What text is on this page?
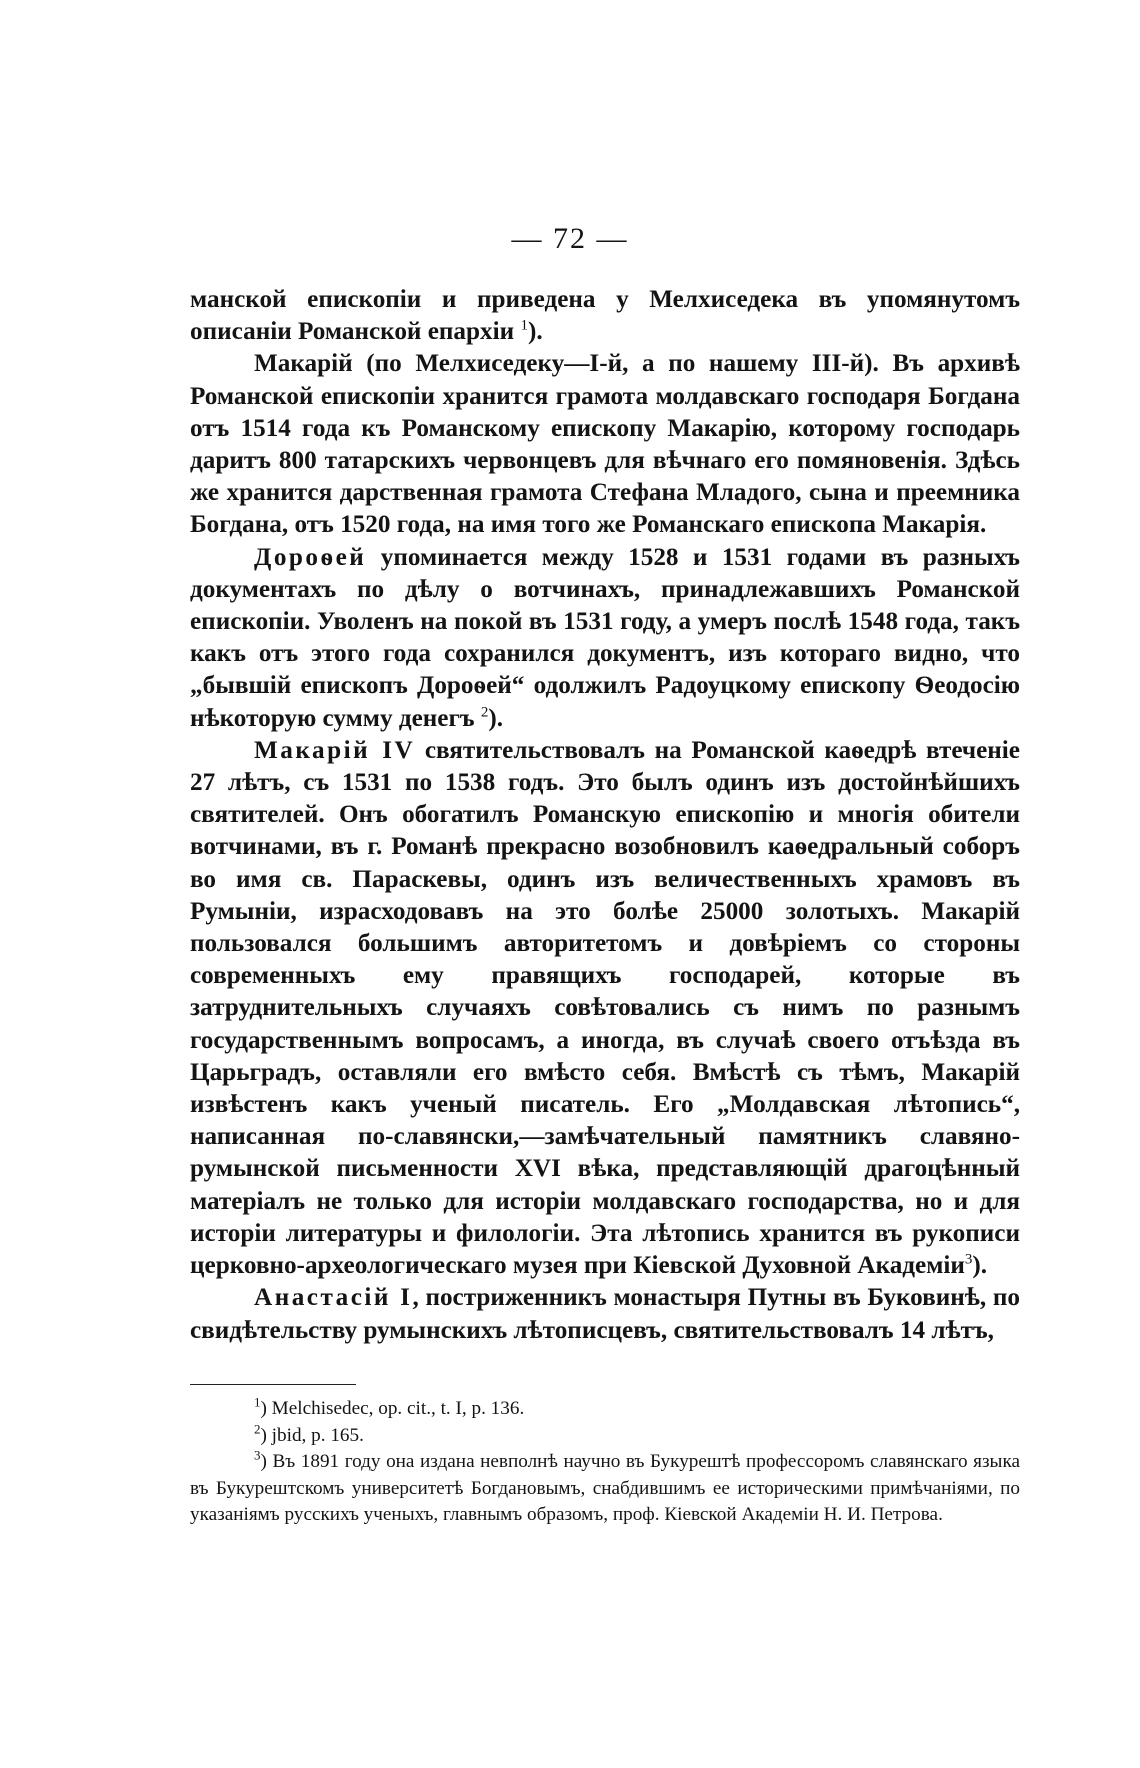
— 72 —

манской епископіи и приведена у Мелхиседека въ упомянутомъ описаніи Романской епархіи $^1$).

Макарій (по Мелхиседеку—І-й, а по нашему III-й). Въ архивѣ Романской епископіи хранится грамота молдавскаго господаря Богдана отъ 1514 года къ Романскому епископу Макарію, которому господарь даритъ 800 татарскихъ червонцевъ для вѣчнаго его помяновенія. Здѣсь же хранится дарственная грамота Стефана Младого, сына и преемника Богдана, отъ 1520 года, на имя того же Романскаго епископа Макарія.

Дороѳей упоминается между 1528 и 1531 годами въ разныхъ документахъ по дѣлу о вотчинахъ, принадлежавшихъ Романской епископіи. Уволенъ на покой въ 1531 году, а умеръ послѣ 1548 года, такъ какъ отъ этого года сохранился документъ, изъ котораго видно, что „бывшій епископъ Дороѳей“ одолжилъ Радоуцкому епископу Ѳеодосію нѣкоторую сумму денегъ $^2$).

Макарій IV святительствовалъ на Романской каѳедрѣ втеченіе 27 лѣтъ, съ 1531 по 1538 годъ. Это былъ одинъ изъ достойнѣйшихъ святителей. Онъ обогатилъ Романскую епископію и многія обители вотчинами, въ г. Романѣ прекрасно возобновилъ каѳедральный соборъ во имя св. Параскевы, одинъ изъ величественныхъ храмовъ въ Румыніи, израсходовавъ на это болѣе 25000 золотыхъ. Макарій пользовался большимъ авторитетомъ и довѣріемъ со стороны современныхъ ему правящихъ господарей, которые въ затруднительныхъ случаяхъ совѣтовались съ нимъ по разнымъ государственнымъ вопросамъ, а иногда, въ случаѣ своего отъѣзда въ Царьградъ, оставляли его вмѣсто себя. Вмѣстѣ съ тѣмъ, Макарій извѣстенъ какъ ученый писатель. Его „Молдавская лѣтопись“, написанная по-славянски,—замѣчательный памятникъ славяно-румынской письменности XVI вѣка, представляющій драгоцѣнный матеріалъ не только для исторіи молдавскаго господарства, но и для исторіи литературы и филологіи. Эта лѣтопись хранится въ рукописи церковно-археологическаго музея при Кіевской Духовной Академіи$^3$).

Анастасій I, постриженникъ монастыря Путны въ Буковинѣ, по свидѣтельству румынскихъ лѣтописцевъ, святительствовалъ 14 лѣтъ,

$^1$) Melchisedec, op. cit., t. I, p. 136.

$^2$) jbid, p. 165.

$^3$) Въ 1891 году она издана невполнѣ научно въ Букурештѣ профессоромъ славянскаго языка въ Букурештскомъ университетѣ Богдановымъ, снабдившимъ ее историческими примѣчаніями, по указаніямъ русскихъ ученыхъ, главнымъ образомъ, проф. Кіевской Академіи Н. И. Петрова.
